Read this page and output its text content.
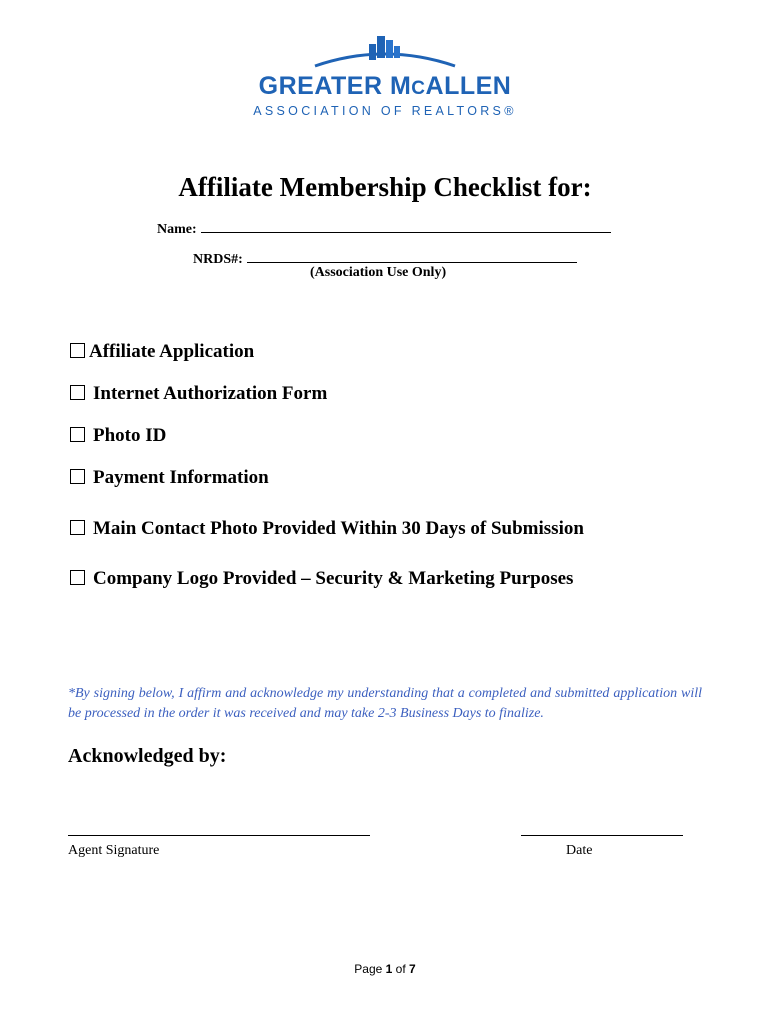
GREATER MCALLEN
ASSOCIATION OF REALTORS®
Affiliate Membership Checklist for:
Name:
NRDS#:
(Association Use Only)
Affiliate Application
Internet Authorization Form
Photo ID
Payment Information
Main Contact Photo Provided Within 30 Days of Submission
Company Logo Provided – Security & Marketing Purposes
*By signing below, I affirm and acknowledge my understanding that a completed and submitted application will be processed in the order it was received and may take 2-3 Business Days to finalize.
Acknowledged by:
Agent Signature	Date
Page 1 of 7
